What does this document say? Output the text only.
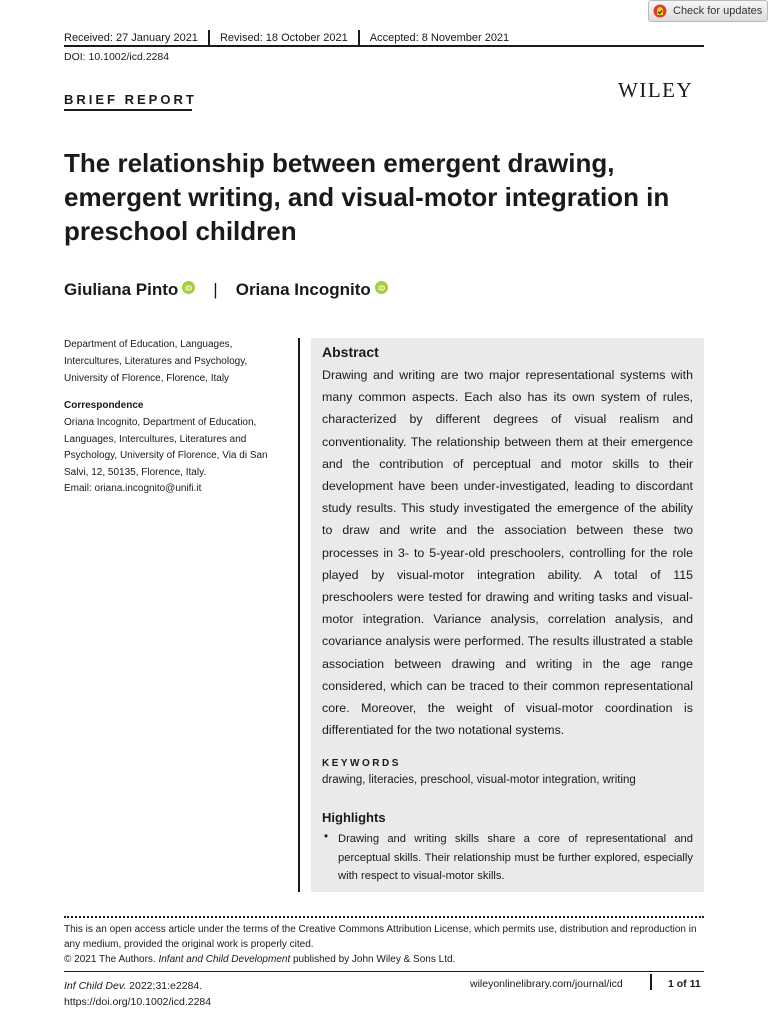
Check for updates
Received: 27 January 2021 Revised: 18 October 2021 Accepted: 8 November 2021
DOI: 10.1002/icd.2284
BRIEF REPORT	WILEY
The relationship between emergent drawing, emergent writing, and visual-motor integration in preschool children
Giuliana Pinto iD | Oriana Incognito iD
Department of Education, Languages, Intercultures, Literatures and Psychology, University of Florence, Florence, Italy
Correspondence
Oriana Incognito, Department of Education, Languages, Intercultures, Literatures and Psychology, University of Florence, Via di San Salvi, 12, 50135, Florence, Italy.
Email: oriana.incognito@unifi.it
Abstract
Drawing and writing are two major representational systems with many common aspects. Each also has its own system of rules, characterized by different degrees of visual realism and conventionality. The relationship between them at their emergence and the contribution of perceptual and motor skills to their development have been under-investigated, leading to discordant study results. This study investigated the emergence of the ability to draw and write and the association between these two processes in 3- to 5-year-old preschoolers, controlling for the role played by visual-motor integration ability. A total of 115 preschoolers were tested for drawing and writing tasks and visual-motor integration. Variance analysis, correlation analysis, and covariance analysis were performed. The results illustrated a stable association between drawing and writing in the age range considered, which can be traced to their common representational core. Moreover, the weight of visual-motor coordination is differentiated for the two notational systems.
KEYWORDS
drawing, literacies, preschool, visual-motor integration, writing
Highlights
• Drawing and writing skills share a core of representational and perceptual skills. Their relationship must be further explored, especially with respect to visual-motor skills.
This is an open access article under the terms of the Creative Commons Attribution License, which permits use, distribution and reproduction in any medium, provided the original work is properly cited.
© 2021 The Authors. Infant and Child Development published by John Wiley & Sons Ltd.
Inf Child Dev. 2022;31:e2284.
https://doi.org/10.1002/icd.2284
wileyonlinelibrary.com/journal/icd	1 of 11
